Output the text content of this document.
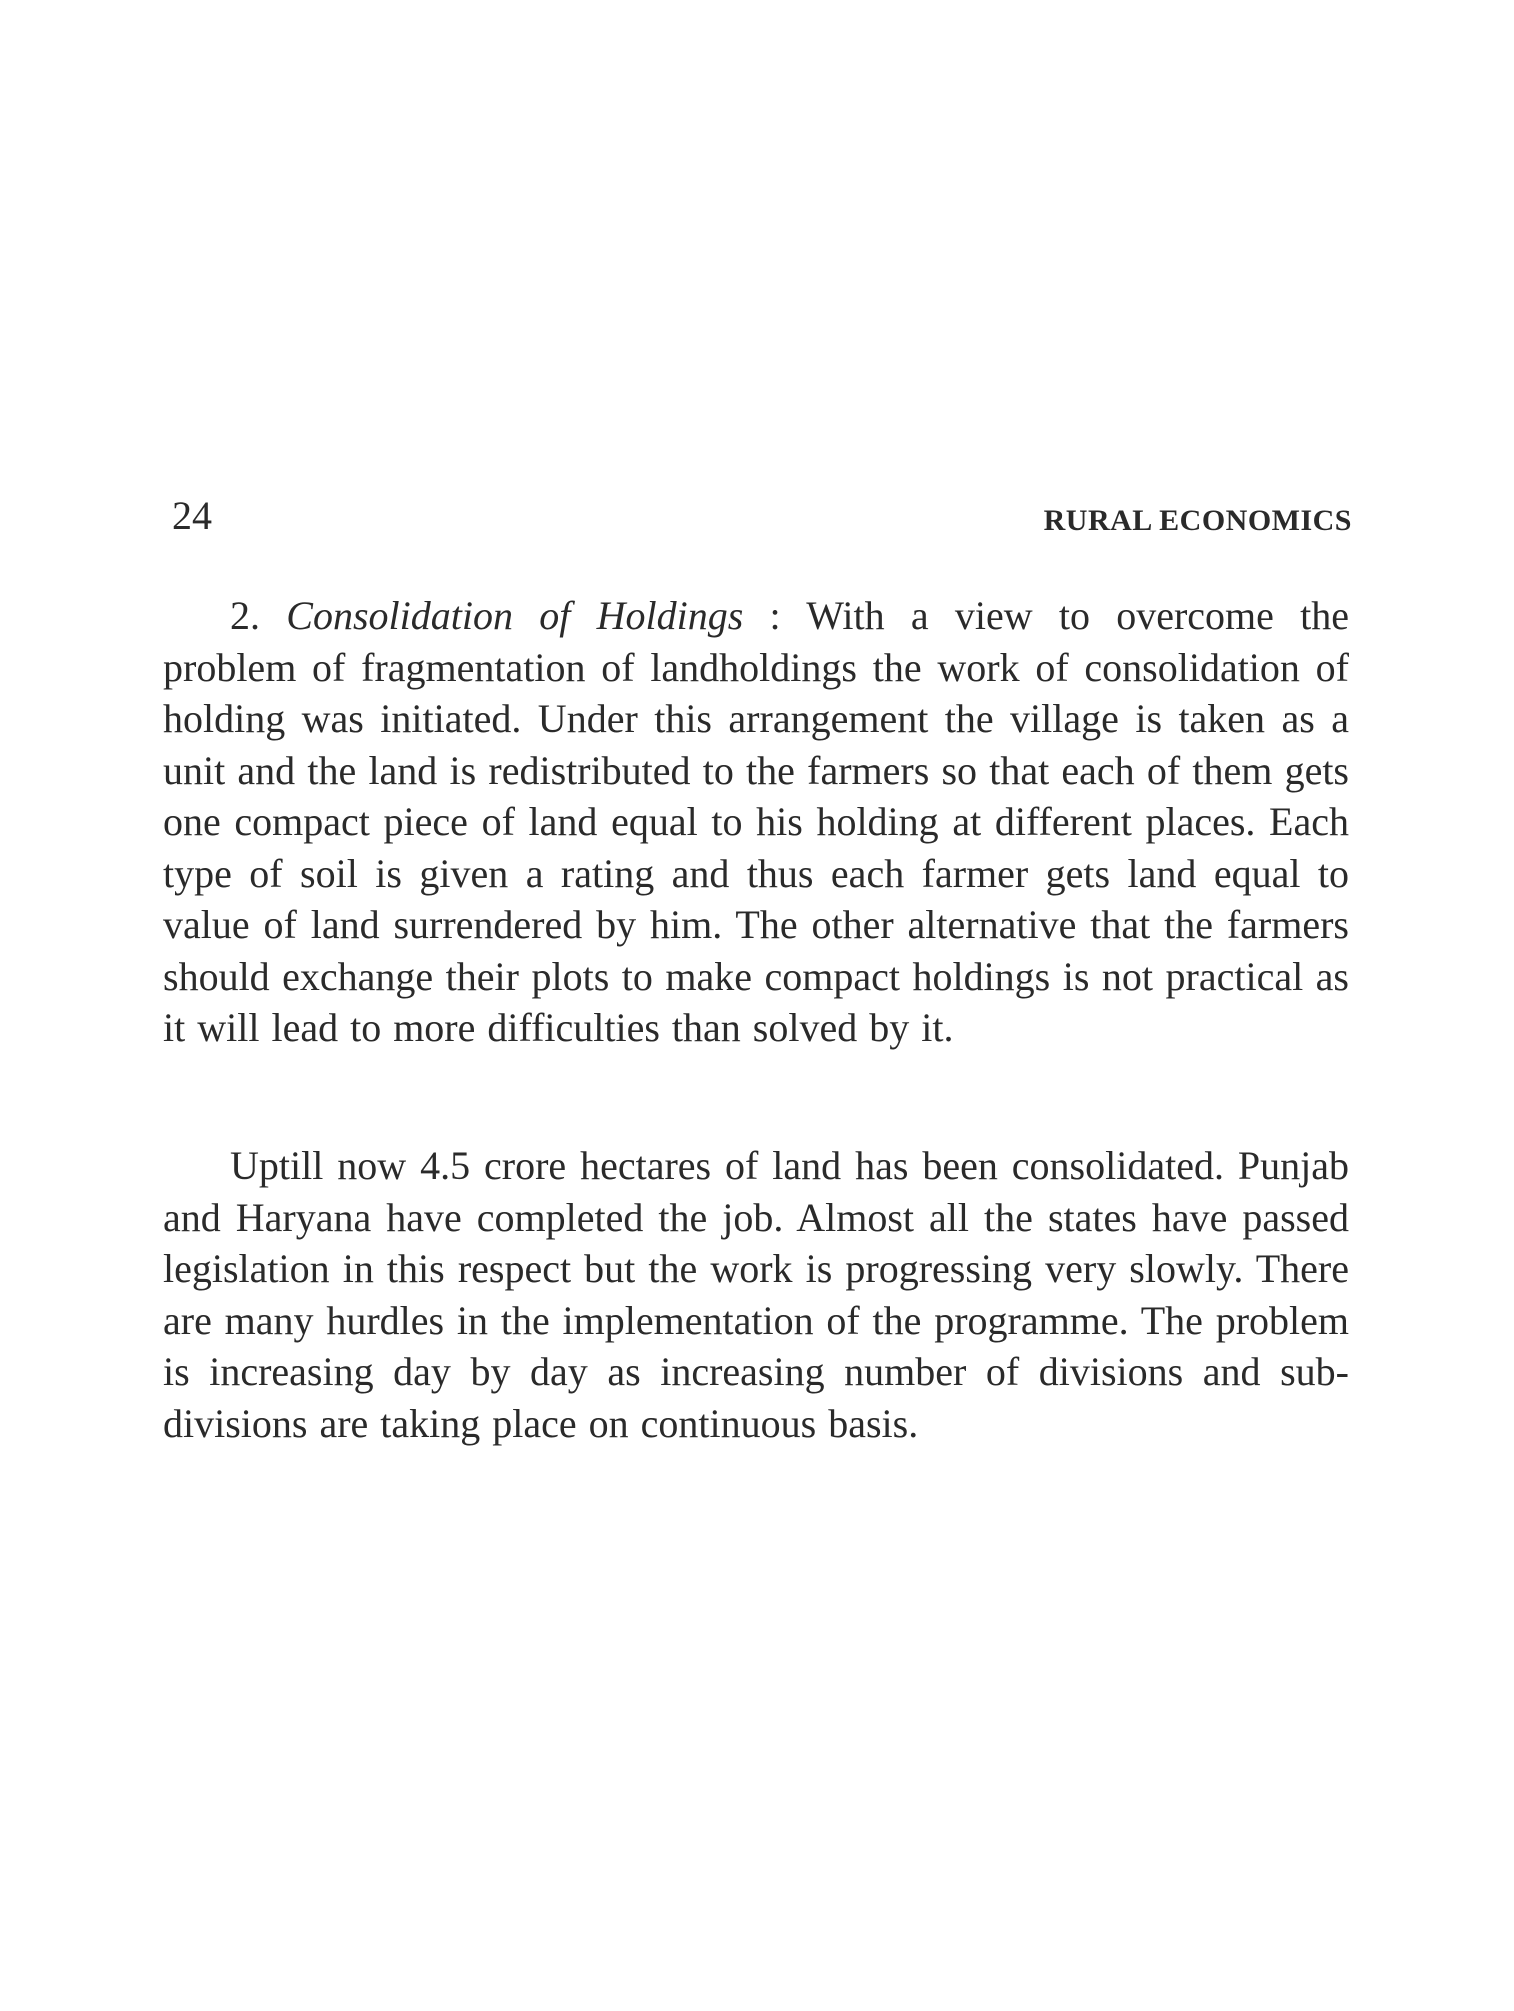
24	RURAL ECONOMICS

2. Consolidation of Holdings : With a view to overcome the problem of fragmentation of landholdings the work of consolidation of holding was initiated. Under this arrangement the village is taken as a unit and the land is redistributed to the farmers so that each of them gets one compact piece of land equal to his holding at different places. Each type of soil is given a rating and thus each farmer gets land equal to value of land surrendered by him. The other alternative that the farmers should exchange their plots to make compact holdings is not practical as it will lead to more difficulties than solved by it.

Uptill now 4.5 crore hectares of land has been consolidated. Punjab and Haryana have completed the job. Almost all the states have passed legislation in this respect but the work is progressing very slowly. There are many hurdles in the implementation of the programme. The problem is increasing day by day as increasing number of divisions and sub-divisions are taking place on continuous basis.
